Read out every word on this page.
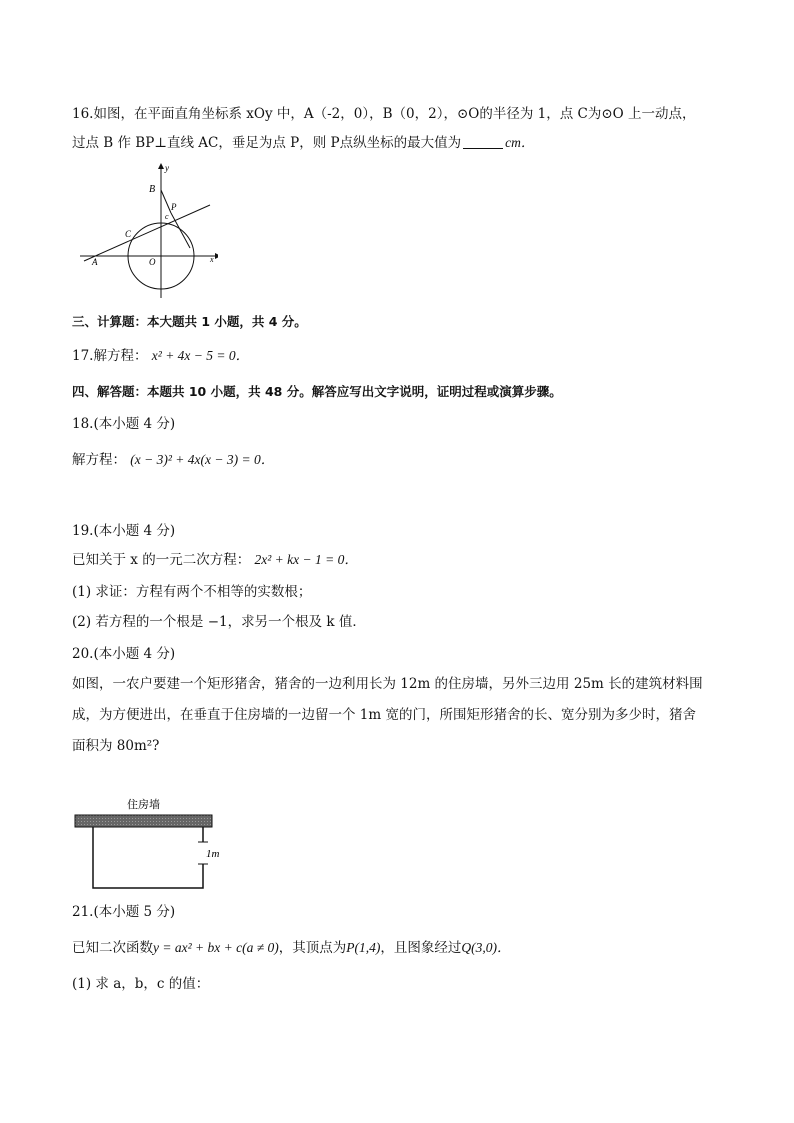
16.如图，在平面直角坐标系 xOy 中，A（-2，0），B（0，2），⊙O的半径为 1，点 C为⊙O 上一动点，
过点 B 作 BP⊥直线 AC，垂足为点 P，则 P点纵坐标的最大值为	cm．
y
B
P
c
C
A	O	x
三、计算题：本大题共 1 小题，共 4 分。
17.解方程： x² + 4x − 5 = 0．
四、解答题：本题共 10 小题，共 48 分。解答应写出文字说明，证明过程或演算步骤。
18.(本小题 4 分)
解方程： (x − 3)² + 4x(x − 3) = 0．
19.(本小题 4 分)
已知关于 x 的一元二次方程： 2x² + kx − 1 = 0．
(1) 求证：方程有两个不相等的实数根；
(2) 若方程的一个根是 −1，求另一个根及 k 值．
20.(本小题 4 分)
如图，一农户要建一个矩形猪舍，猪舍的一边利用长为 12m 的住房墙，另外三边用 25m 长的建筑材料围
成，为方便进出，在垂直于住房墙的一边留一个 1m 宽的门，所围矩形猪舍的长、宽分别为多少时，猪舍
面积为 80m²?
住房墙
1m
21.(本小题 5 分)
已知二次函数y = ax² + bx + c(a ≠ 0)，其顶点为P(1,4)，且图象经过Q(3,0)．
(1) 求 a，b，c 的值：
